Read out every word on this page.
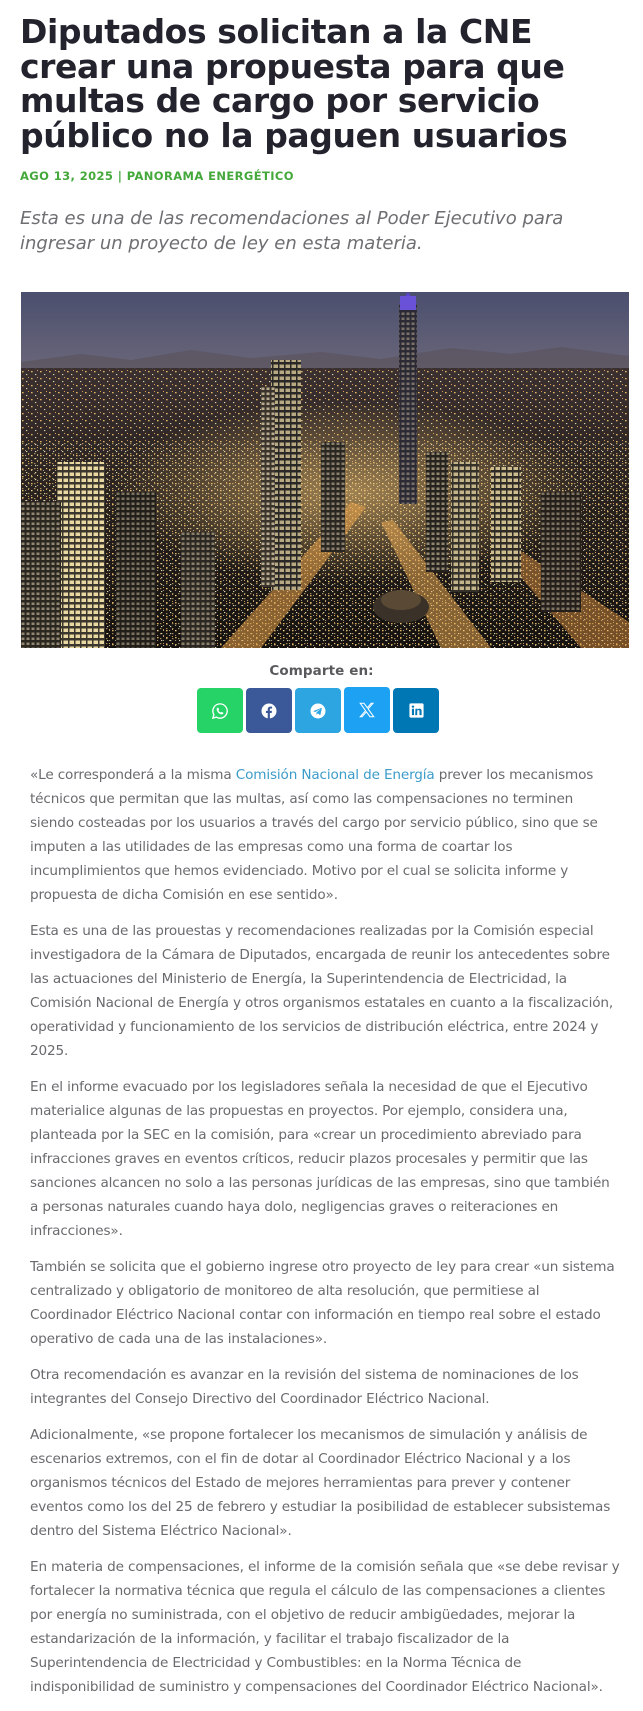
Diputados solicitan a la CNE crear una propuesta para que multas de cargo por servicio público no la paguen usuarios
AGO 13, 2025 | PANORAMA ENERGÉTICO

Esta es una de las recomendaciones al Poder Ejecutivo para ingresar un proyecto de ley en esta materia.

Comparte en:

«Le corresponderá a la misma Comisión Nacional de Energía prever los mecanismos técnicos que permitan que las multas, así como las compensaciones no terminen siendo costeadas por los usuarios a través del cargo por servicio público, sino que se imputen a las utilidades de las empresas como una forma de coartar los incumplimientos que hemos evidenciado. Motivo por el cual se solicita informe y propuesta de dicha Comisión en ese sentido».

Esta es una de las prouestas y recomendaciones realizadas por la Comisión especial investigadora de la Cámara de Diputados, encargada de reunir los antecedentes sobre las actuaciones del Ministerio de Energía, la Superintendencia de Electricidad, la Comisión Nacional de Energía y otros organismos estatales en cuanto a la fiscalización, operatividad y funcionamiento de los servicios de distribución eléctrica, entre 2024 y 2025.

En el informe evacuado por los legisladores señala la necesidad de que el Ejecutivo materialice algunas de las propuestas en proyectos. Por ejemplo, considera una, planteada por la SEC en la comisión, para «crear un procedimiento abreviado para infracciones graves en eventos críticos, reducir plazos procesales y permitir que las sanciones alcancen no solo a las personas jurídicas de las empresas, sino que también a personas naturales cuando haya dolo, negligencias graves o reiteraciones en infracciones».

También se solicita que el gobierno ingrese otro proyecto de ley para crear «un sistema centralizado y obligatorio de monitoreo de alta resolución, que permitiese al Coordinador Eléctrico Nacional contar con información en tiempo real sobre el estado operativo de cada una de las instalaciones».

Otra recomendación es avanzar en la revisión del sistema de nominaciones de los integrantes del Consejo Directivo del Coordinador Eléctrico Nacional.

Adicionalmente, «se propone fortalecer los mecanismos de simulación y análisis de escenarios extremos, con el fin de dotar al Coordinador Eléctrico Nacional y a los organismos técnicos del Estado de mejores herramientas para prever y contener eventos como los del 25 de febrero y estudiar la posibilidad de establecer subsistemas dentro del Sistema Eléctrico Nacional».

En materia de compensaciones, el informe de la comisión señala que «se debe revisar y fortalecer la normativa técnica que regula el cálculo de las compensaciones a clientes por energía no suministrada, con el objetivo de reducir ambigüedades, mejorar la estandarización de la información, y facilitar el trabajo fiscalizador de la Superintendencia de Electricidad y Combustibles: en la Norma Técnica de indisponibilidad de suministro y compensaciones del Coordinador Eléctrico Nacional».
